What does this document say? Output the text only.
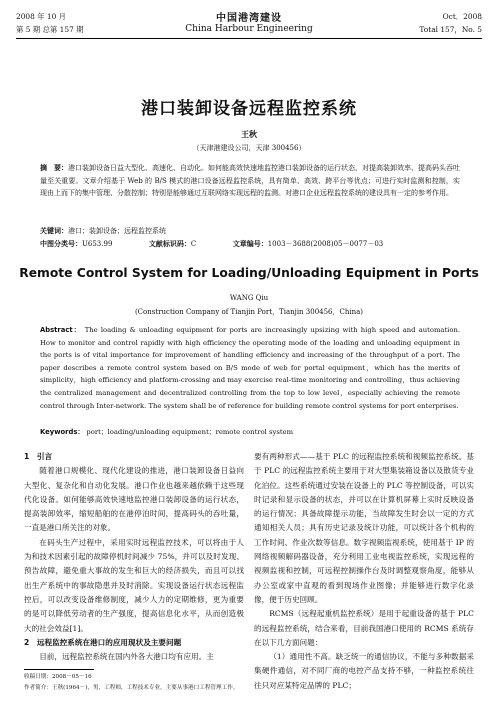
2008 年 10 月
第 5 期 总第 157 期
中国港湾建设
China Harbour Engineering
Oct．2008
Total 157，No. 5
港口装卸设备远程监控系统
王秋
（天津港建设公司，天津 300456）
摘　要：港口装卸设备日益大型化、高速化、自动化。如何能高效快速地监控港口装卸设备的运行状态，对提高装卸效率、提高码头吞吐量至关重要。文章介绍基于 Web 的 B/S 模式的港口设备远程监控系统，具有简单、高效、跨平台等优点；可进行实时监测和控制，实现由上而下的集中管理、分散控制；特别是能够通过互联网络实现远程的监测。对港口企业远程监控系统的建设具有一定的参考作用。
关键词：港口；装卸设备；远程监控系统
中图分类号：U653.99	文献标识码：C	文章编号：1003－3688(2008)05－0077－03
Remote Control System for Loading/Unloading Equipment in Ports
WANG Qiu
(Construction Company of Tianjin Port，Tianjin 300456，China)
Abstract： The loading & unloading equipment for ports are increasingly upsizing with high speed and automation. How to monitor and control rapidly with high efficiency the operating mode of the loading and unloading equipment in the ports is of vital importance for improvement of handling efficiency and increasing of the throughput of a port. The paper describes a remote control system based on B/S mode of web for portal equipment，which has the merits of simplicity，high efficiency and platform-crossing and may exercise real-time monitoring and controlling，thus achieving the centralized management and decentralized controlling from the top to low level，especially achieving the remote control through Inter-network. The system shall be of reference for building remote control systems for port enterprises.
Keywords： port；loading/unloading equipment；remote control system
1　引言

随着港口规模化、现代化建设的推进，港口装卸设备日益向大型化、复杂化和自动化发展。港口作业也越来越依赖于这些现代化设备。如何能够高效快速地监控港口装卸设备的运行状态，提高装卸效率，缩短船舶的在港停泊时间，提高码头的吞吐量，一直是港口所关注的对象。

在码头生产过程中，采用实时远程监控技术，可以将由于人为和技术因素引起的故障停机时间减少 75%，并可以及时发现、预告故障，避免重大事故的发生和巨大的经济损失，而且可以找出生产系统中的事故隐患并及时消除。实现设备运行状态远程监控后，可以改变设备维修制度，减少人力的定期维修，更为重要的是可以降低劳动者的生产强度，提高信息化水平，从而创造极大的社会效益[1]。

2　远程监控系统在港口的应用现状及主要问题

目前，远程监控系统在国内外各大港口均有应用。主

要有两种形式——基于 PLC 的远程监控系统和视频监控系统。基于 PLC 的远程监控系统主要用于对大型集装箱设备以及散货专业化泊位。这些系统通过安装在设备上的 PLC 等控制设备，可以实时记录和显示设备的状态，并可以在计算机屏幕上实时反映设备的运行情况；具备故障提示功能，当故障发生时会以一定的方式通知相关人员；具有历史记录及统计功能，可以统计各个机构的工作时间、作业次数等信息。数字视频监视系统，使用基于 IP 的网络视频解码器设备，充分利用工业电视监控系统，实现远程的视频监视和控制，可远程控制操作台及时调整观察角度，能够从办公室或家中直观的看到现场作业图像；并能够进行数字化录像，便于历史回顾。

RCMS（远程起重机监控系统）是用于起重设备的基于 PLC 的远程监控系统，结合来看，目前我国港口使用的 RCMS 系统存在以下几方面问题：

（1）通用性不高。缺乏统一的通信协议，不能与多种数据采集硬件通信，对不同厂商的电控产品支持不够，一种监控系统往往只对应某特定品牌的 PLC；

收稿日期：2008－05－16
作者简介：王秋(1964－)，男，工程师，工程技术专业，主要从事港口工程管理工作。
